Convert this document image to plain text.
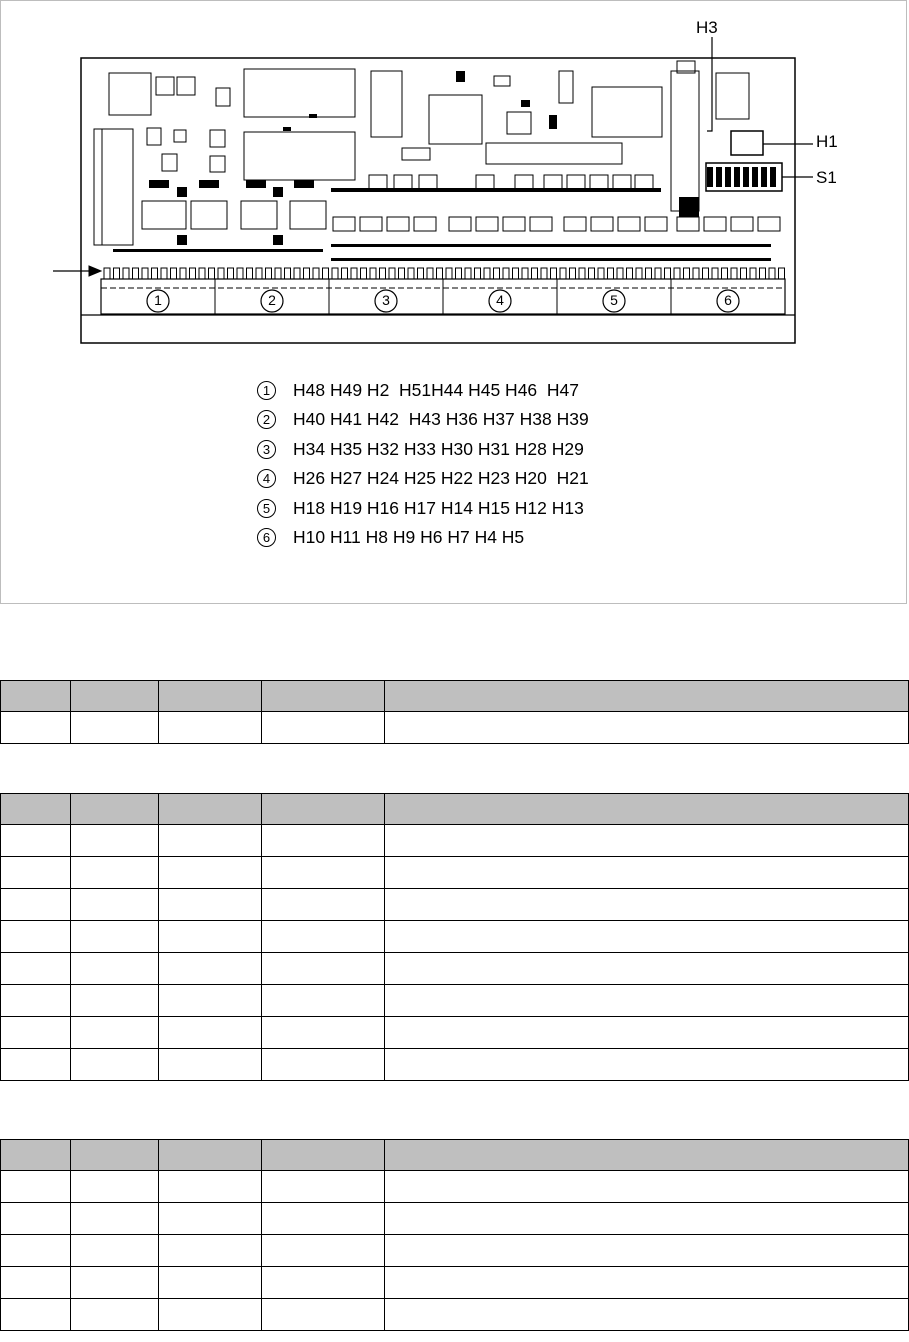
H3
H1
S1
1	2	3	4	5	6
1	H48 H49 H2  H51H44 H45 H46  H47
2	H40 H41 H42  H43 H36 H37 H38 H39
3	H34 H35 H32 H33 H30 H31 H28 H29
4	H26 H27 H24 H25 H22 H23 H20  H21
5	H18 H19 H16 H17 H14 H15 H12 H13
6	H10 H11 H8 H9 H6 H7 H4 H5
